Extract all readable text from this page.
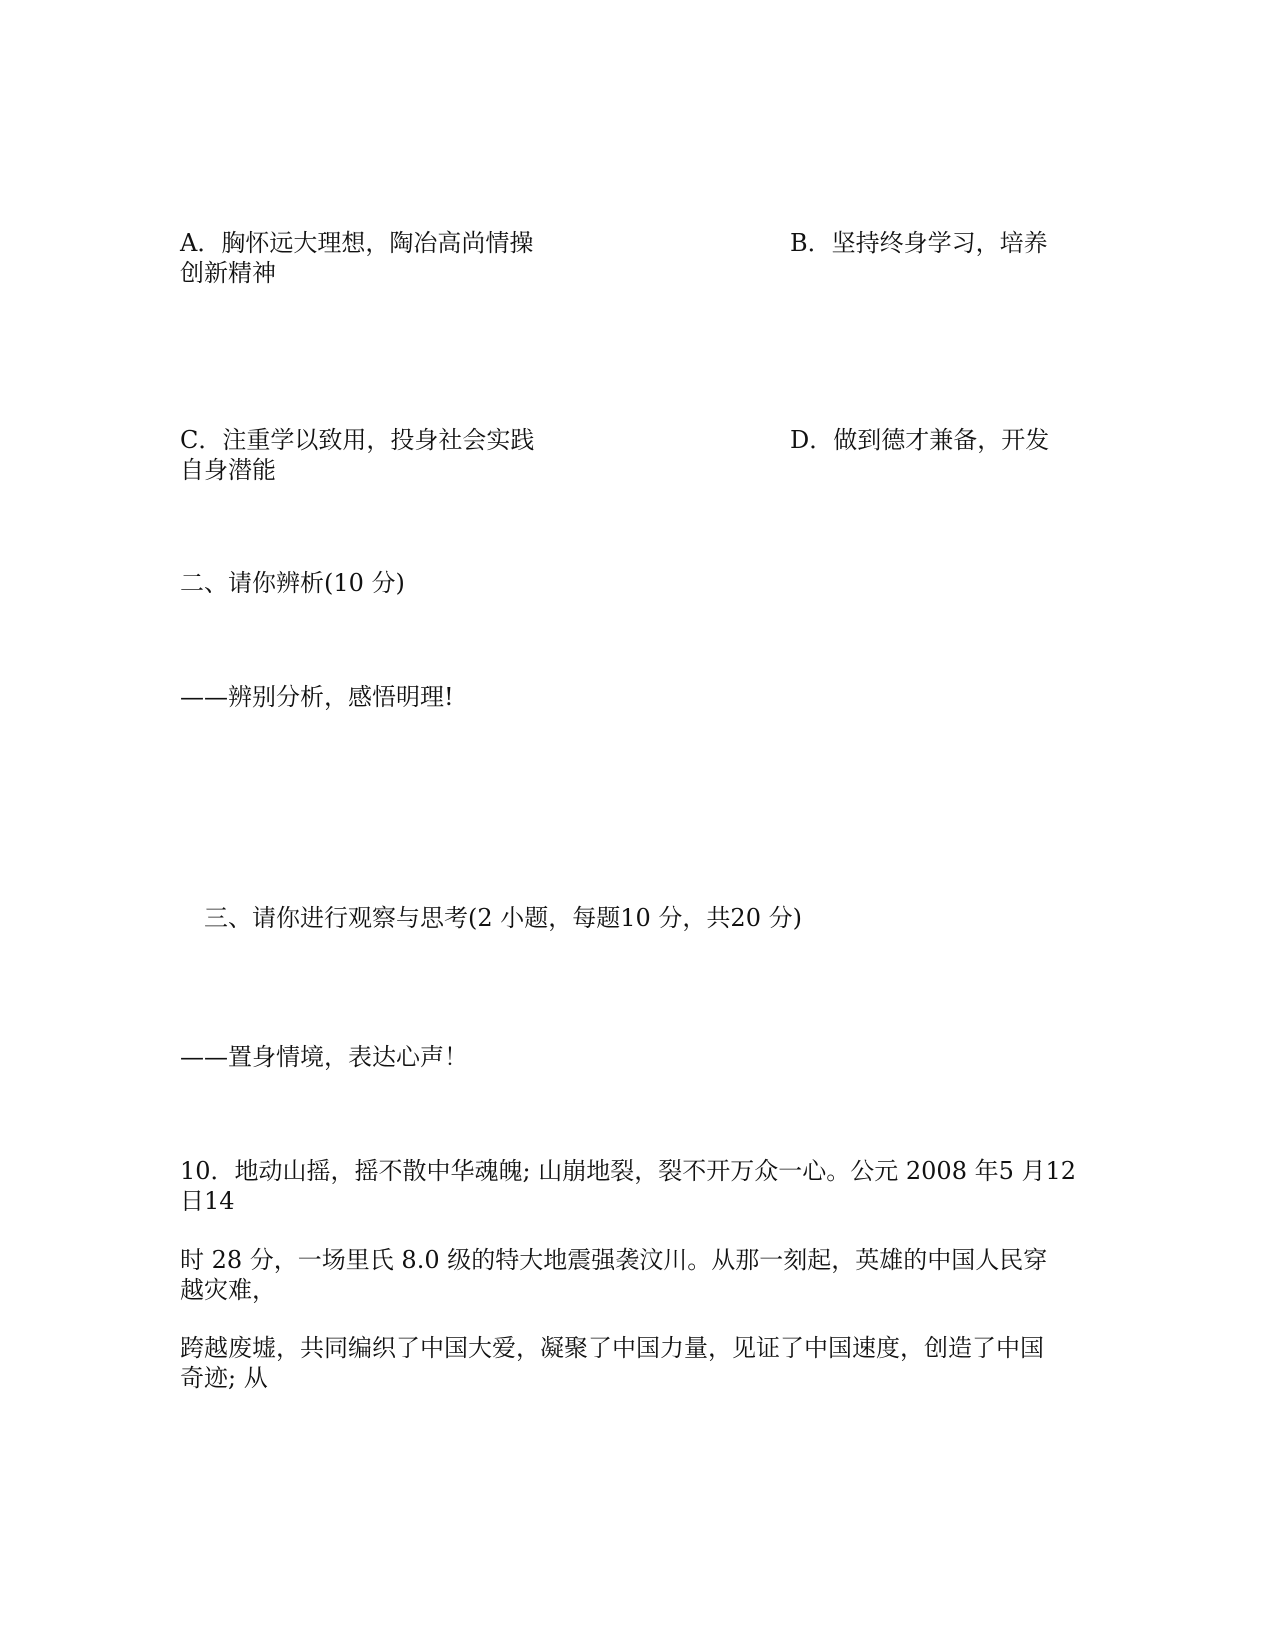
A．胸怀远大理想，陶冶高尚情操	B．坚持终身学习，培养
创新精神
C．注重学以致用，投身社会实践	D．做到德才兼备，开发
自身潜能
二、请你辨析(10 分)
——辨别分析，感悟明理!
三、请你进行观察与思考(2 小题，每题10 分，共20 分)
——置身情境，表达心声！
10．地动山摇，摇不散中华魂魄; 山崩地裂，裂不开万众一心。公元 2008 年5 月12
日14
时 28 分，一场里氏 8.0 级的特大地震强袭汶川。从那一刻起，英雄的中国人民穿
越灾难，
跨越废墟，共同编织了中国大爱，凝聚了中国力量，见证了中国速度，创造了中国
奇迹; 从
